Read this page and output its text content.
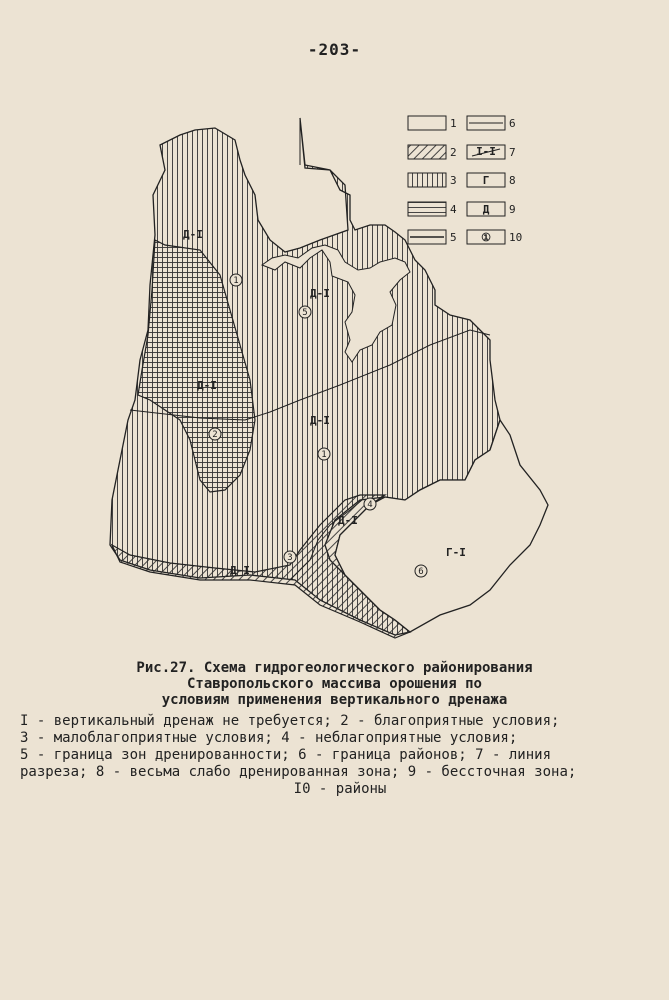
-203-
Д-I
Д-I
Д-I
Д-I
Д-I
Д-I
Г-I
1
5
2
1
4
3
6
1
2
3
4
5
6
I-I 7
Г 8
Д 9
① 10
Рис.27. Схема гидрогеологического районирования
Ставропольского массива орошения по
условиям применения вертикального дренажа
I - вертикальный дренаж не требуется; 2 - благоприятные условия;
3 - малоблагоприятные условия; 4 - неблагоприятные условия;
5 - граница зон дренированности; 6 - граница районов; 7 - линия
разреза; 8 - весьма слабо дренированная зона; 9 - бессточная зона;
I0 - районы
